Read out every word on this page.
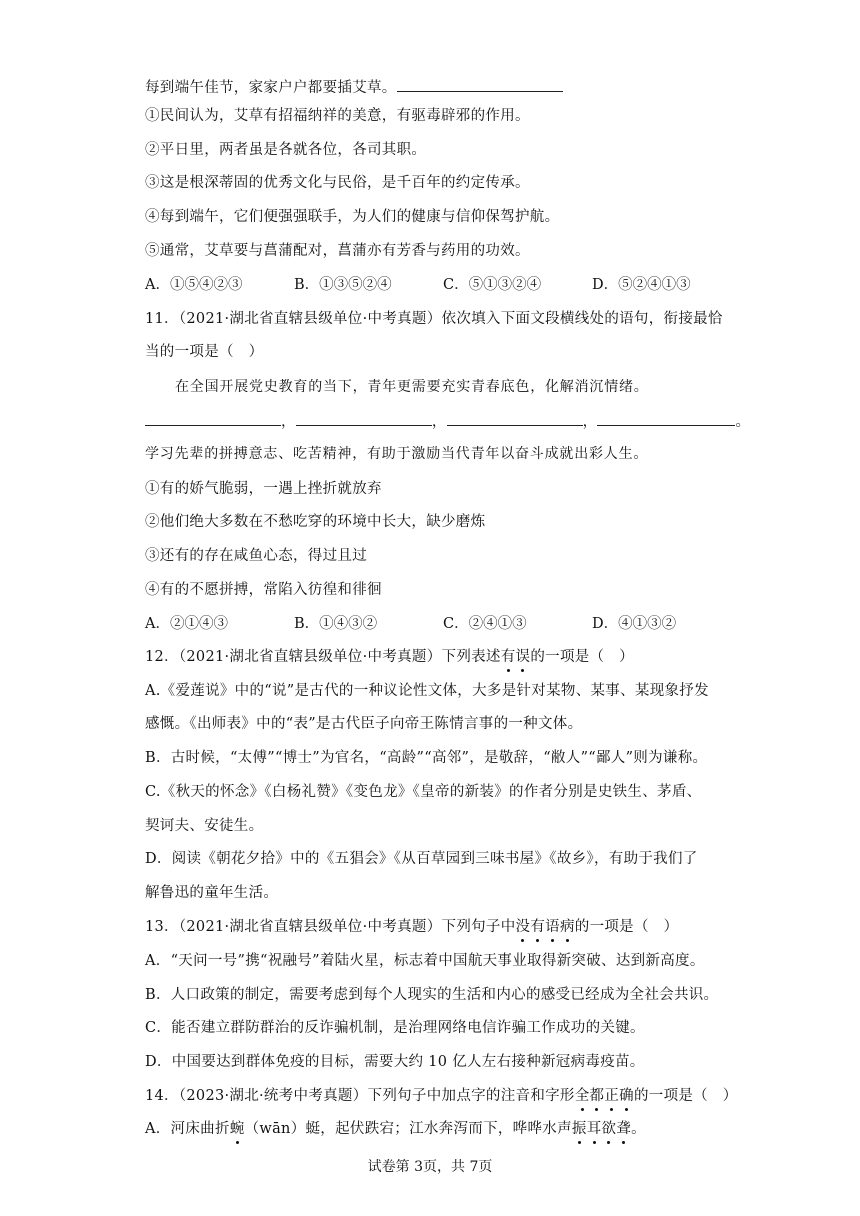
每到端午佳节，家家户户都要插艾草。
①民间认为，艾草有招福纳祥的美意，有驱毒辟邪的作用。
②平日里，两者虽是各就各位，各司其职。
③这是根深蒂固的优秀文化与民俗，是千百年的约定传承。
④每到端午，它们便强强联手，为人们的健康与信仰保驾护航。
⑤通常，艾草要与菖蒲配对，菖蒲亦有芳香与药用的功效。
A．①⑤④②③	B．①③⑤②④	C．⑤①③②④	D．⑤②④①③
11．（2021·湖北省直辖县级单位·中考真题）依次填入下面文段横线处的语句，衔接最恰
当的一项是（　）
在全国开展党史教育的当下，青年更需要充实青春底色，化解消沉情绪。
，	，	，	。
学习先辈的拼搏意志、吃苦精神，有助于激励当代青年以奋斗成就出彩人生。
①有的娇气脆弱，一遇上挫折就放弃
②他们绝大多数在不愁吃穿的环境中长大，缺少磨炼
③还有的存在咸鱼心态，得过且过
④有的不愿拼搏，常陷入彷徨和徘徊
A．②①④③	B．①④③②	C．②④①③	D．④①③②
12．（2021·湖北省直辖县级单位·中考真题）下列表述有误的一项是（　）
A.《爱莲说》中的“说”是古代的一种议论性文体，大多是针对某物、某事、某现象抒发
感慨。《出师表》中的“表”是古代臣子向帝王陈情言事的一种文体。
B．古时候，“太傅”“博士”为官名，“高龄”“高邻”，是敬辞，“敝人”“鄙人”则为谦称。
C.《秋天的怀念》《白杨礼赞》《变色龙》《皇帝的新装》的作者分别是史铁生、茅盾、
契诃夫、安徒生。
D．阅读《朝花夕拾》中的《五猖会》《从百草园到三味书屋》《故乡》，有助于我们了
解鲁迅的童年生活。
13．（2021·湖北省直辖县级单位·中考真题）下列句子中没有语病的一项是（　）
A．“天问一号”携“祝融号”着陆火星，标志着中国航天事业取得新突破、达到新高度。
B．人口政策的制定，需要考虑到每个人现实的生活和内心的感受已经成为全社会共识。
C．能否建立群防群治的反诈骗机制，是治理网络电信诈骗工作成功的关键。
D．中国要达到群体免疫的目标，需要大约 10 亿人左右接种新冠病毒疫苗。
14．（2023·湖北·统考中考真题）下列句子中加点字的注音和字形全都正确的一项是（　）
A．河床曲折蜿（wān）蜓，起伏跌宕；江水奔泻而下，哗哗水声振耳欲聋。
试卷第 3页，共 7页
